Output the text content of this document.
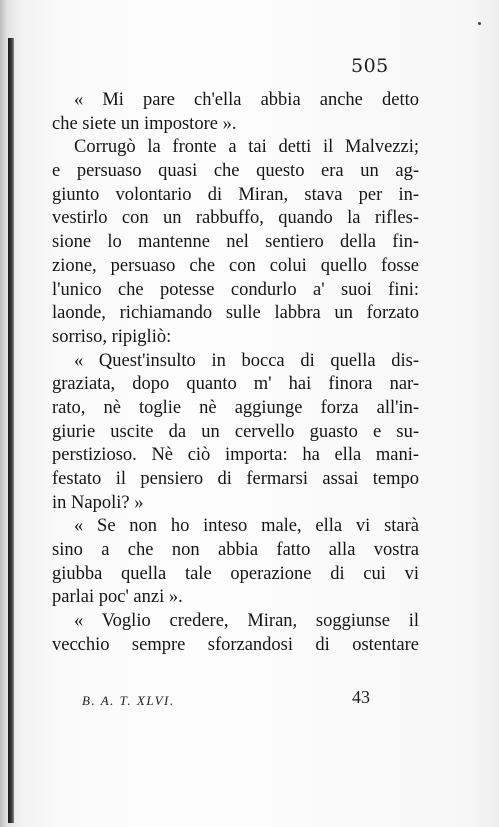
505
« Mi pare ch'ella abbia anche detto
che siete un impostore ».
Corrugò la fronte a tai detti il Malvezzi;
e persuaso quasi che questo era un ag-
giunto volontario di Miran, stava per in-
vestirlo con un rabbuffo, quando la rifles-
sione lo mantenne nel sentiero della fin-
zione, persuaso che con colui quello fosse
l'unico che potesse condurlo a' suoi fini:
laonde, richiamando sulle labbra un forzato
sorriso, ripigliò:
« Quest'insulto in bocca di quella dis-
graziata, dopo quanto m' hai finora nar-
rato, nè toglie nè aggiunge forza all'in-
giurie uscite da un cervello guasto e su-
perstizioso. Nè ciò importa: ha ella mani-
festato il pensiero di fermarsi assai tempo
in Napoli? »
« Se non ho inteso male, ella vi starà
sino a che non abbia fatto alla vostra
giubba quella tale operazione di cui vi
parlai poc' anzi ».
« Voglio credere, Miran, soggiunse il
vecchio sempre sforzandosi di ostentare
B. A. T. XLVI.	43
